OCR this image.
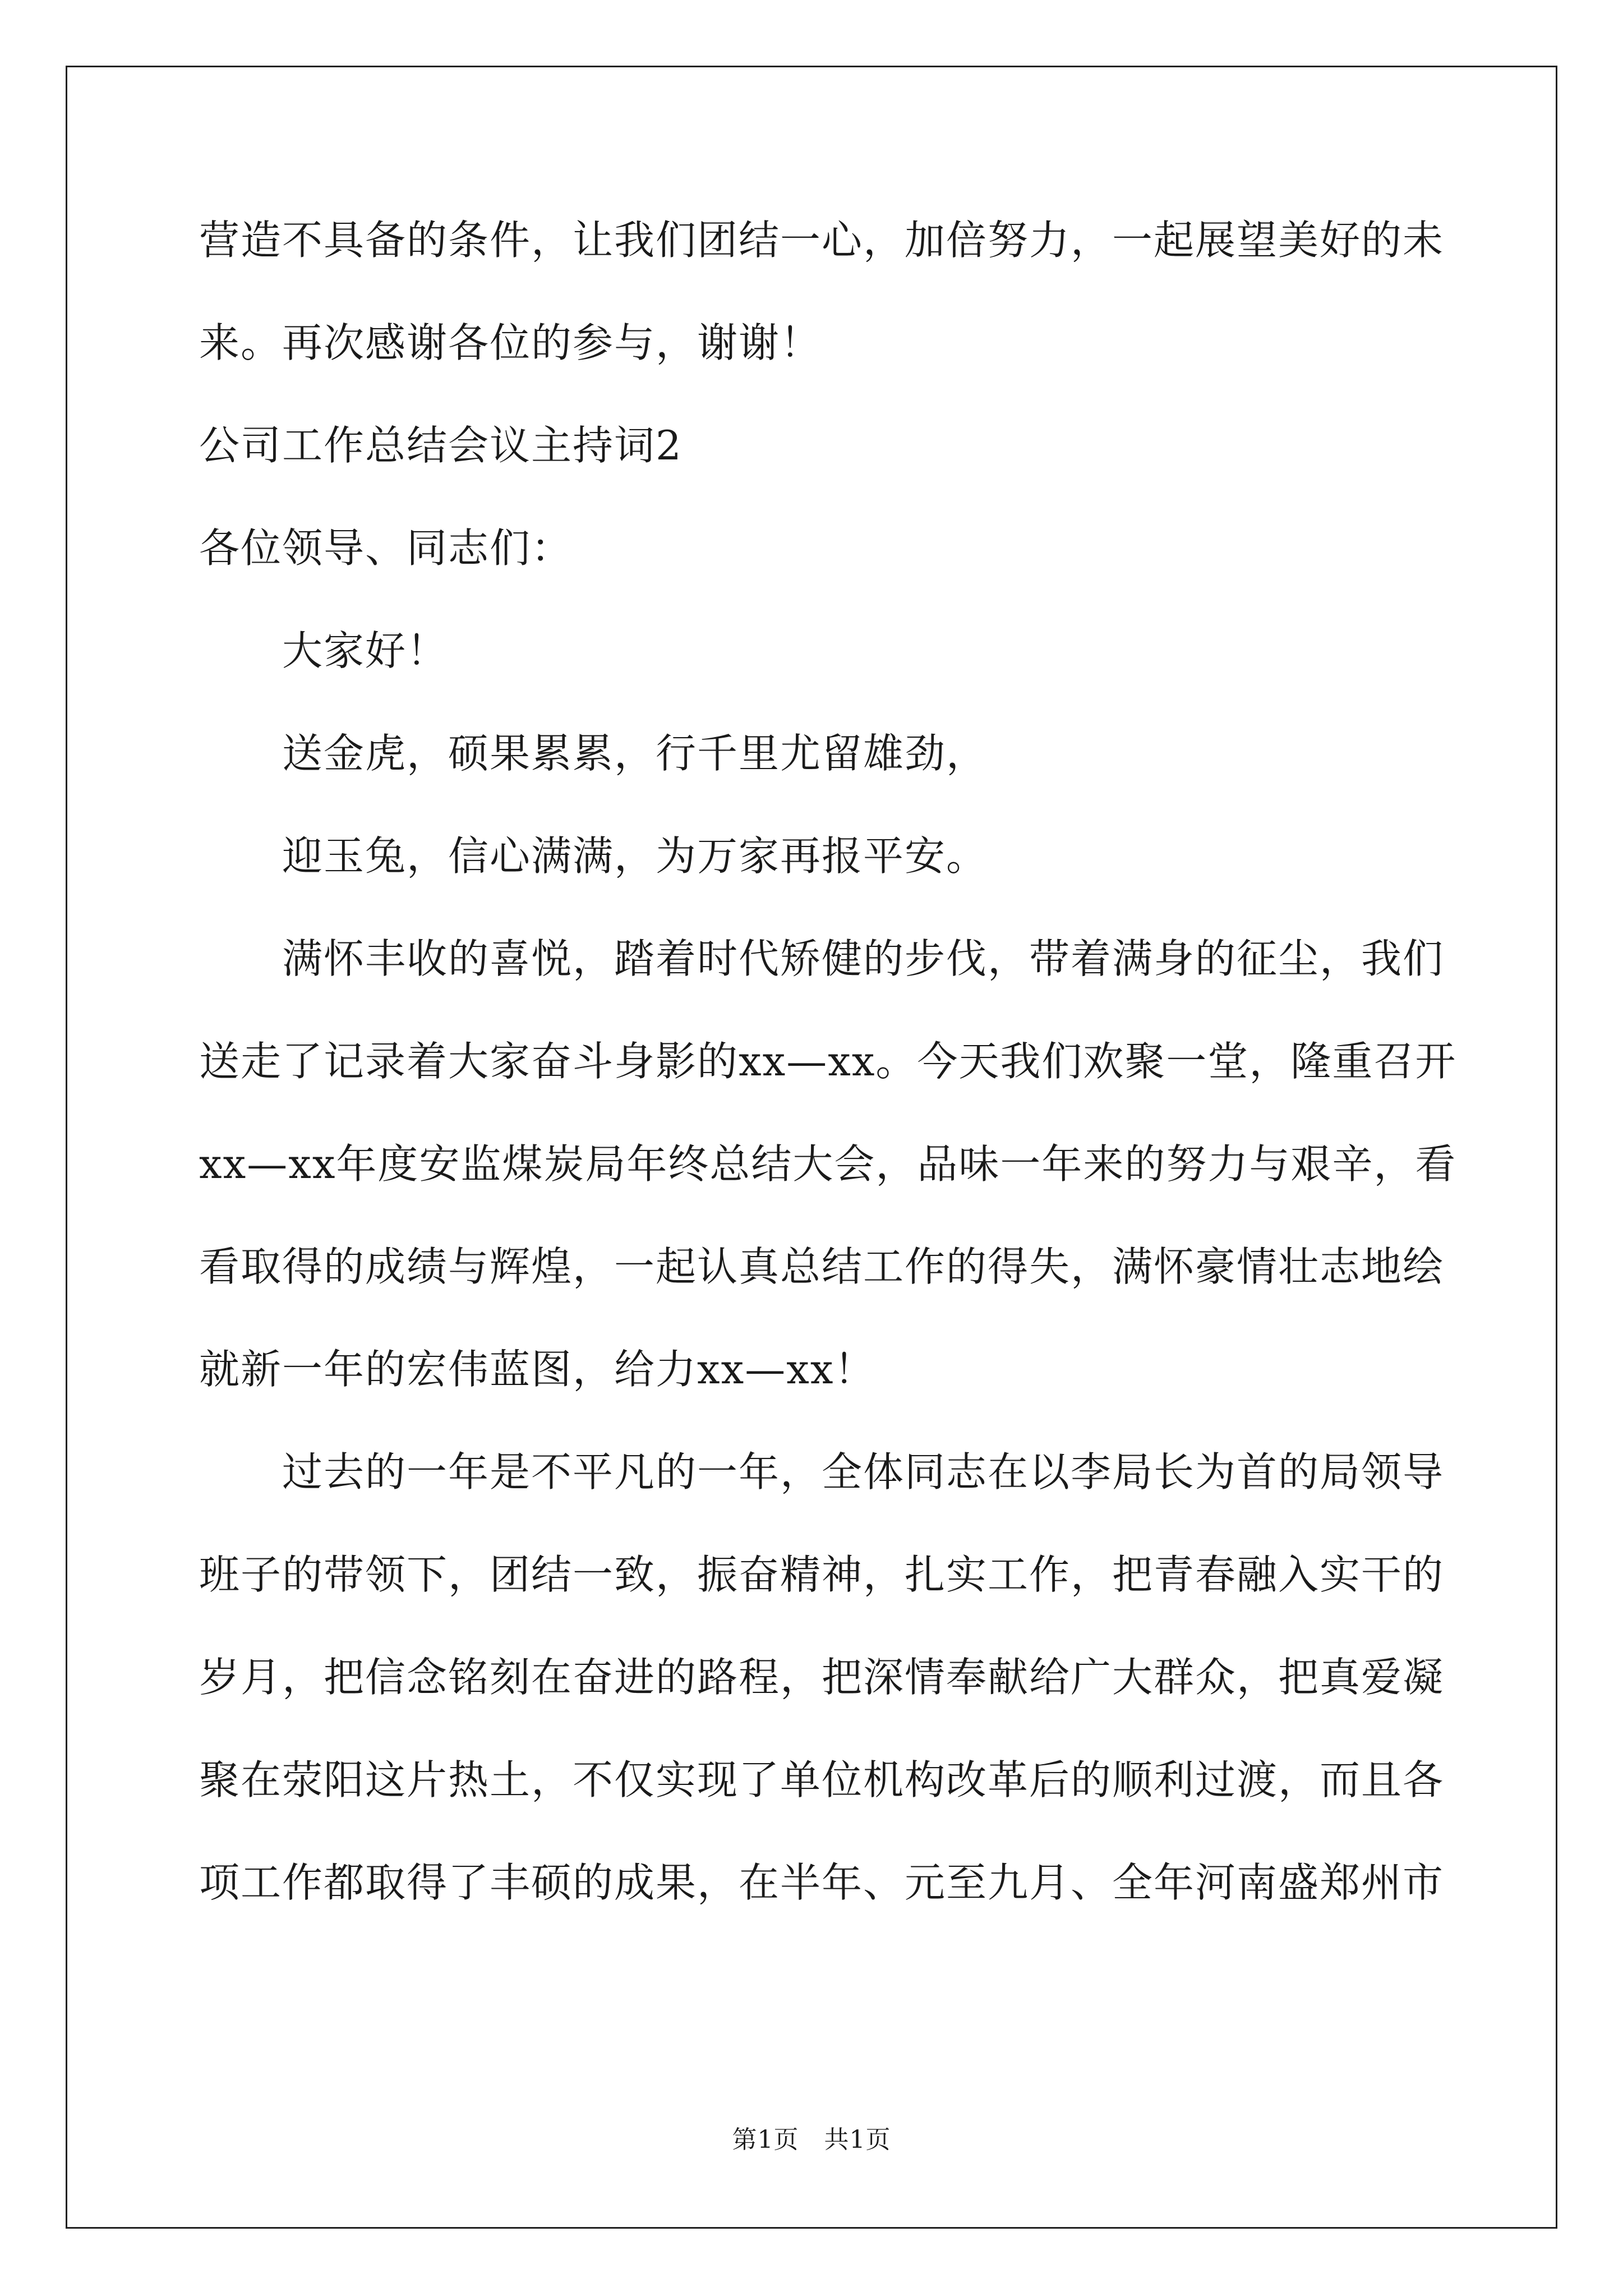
营造不具备的条件，让我们团结一心，加倍努力，一起展望美好的未
来。再次感谢各位的参与，谢谢！
公司工作总结会议主持词2
各位领导、同志们：
大家好！
送金虎，硕果累累，行千里尤留雄劲，
迎玉兔，信心满满，为万家再报平安。
满怀丰收的喜悦，踏着时代矫健的步伐，带着满身的征尘，我们
送走了记录着大家奋斗身影的xx—xx。今天我们欢聚一堂，隆重召开
xx—xx年度安监煤炭局年终总结大会，品味一年来的努力与艰辛，看
看取得的成绩与辉煌，一起认真总结工作的得失，满怀豪情壮志地绘
就新一年的宏伟蓝图，给力xx—xx！
过去的一年是不平凡的一年，全体同志在以李局长为首的局领导
班子的带领下，团结一致，振奋精神，扎实工作，把青春融入实干的
岁月，把信念铭刻在奋进的路程，把深情奉献给广大群众，把真爱凝
聚在荥阳这片热土，不仅实现了单位机构改革后的顺利过渡，而且各
项工作都取得了丰硕的成果，在半年、元至九月、全年河南盛郑州市
第1页　共1页
